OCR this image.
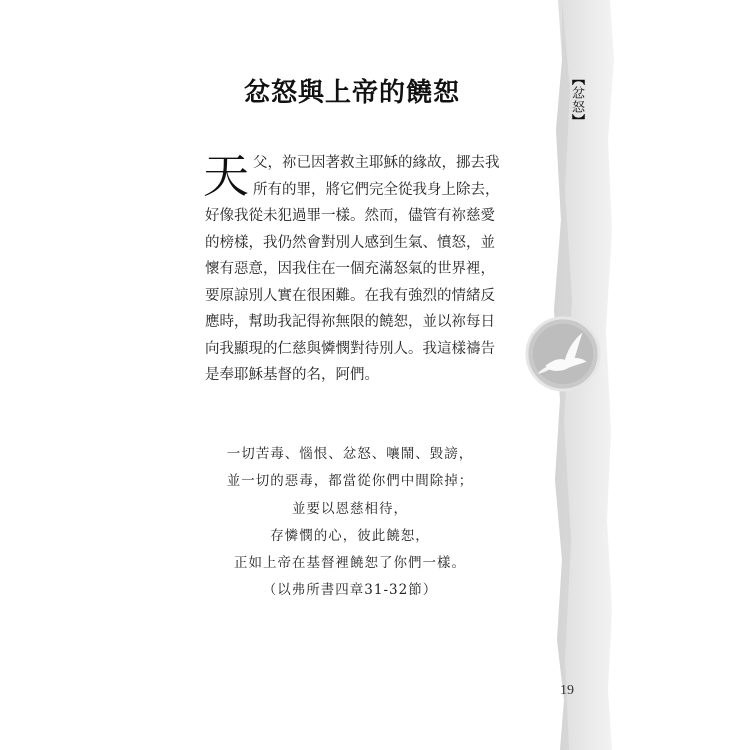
【忿怒】
忿怒與上帝的饒恕

天父，祢已因著救主耶穌的緣故，挪去我所有的罪，將它們完全從我身上除去，好像我從未犯過罪一樣。然而，儘管有祢慈愛的榜樣，我仍然會對別人感到生氣、憤怒，並懷有惡意，因我住在一個充滿怒氣的世界裡，要原諒別人實在很困難。在我有強烈的情緒反應時，幫助我記得祢無限的饒恕，並以祢每日向我顯現的仁慈與憐憫對待別人。我這樣禱告是奉耶穌基督的名，阿們。

一切苦毒、惱恨、忿怒、嚷鬧、毀謗，
並一切的惡毒，都當從你們中間除掉；
並要以恩慈相待，
存憐憫的心，彼此饒恕，
正如上帝在基督裡饒恕了你們一樣。
（以弗所書四章31-32節）
19
